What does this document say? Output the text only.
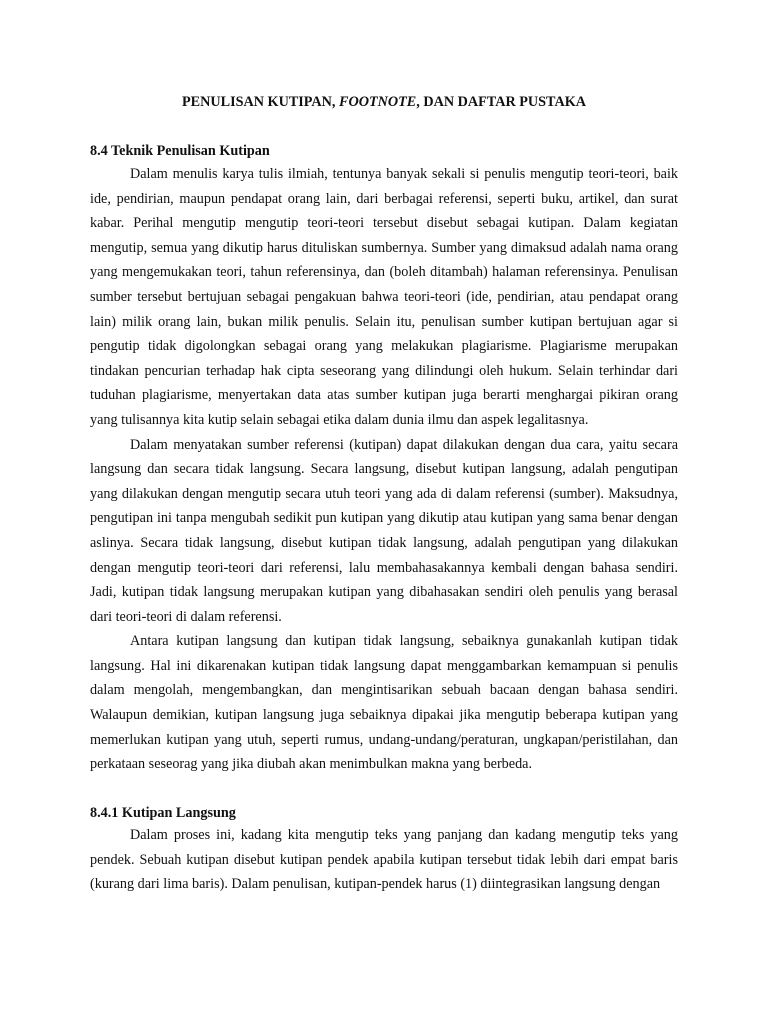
PENULISAN KUTIPAN, FOOTNOTE, DAN DAFTAR PUSTAKA
8.4 Teknik Penulisan Kutipan

Dalam menulis karya tulis ilmiah, tentunya banyak sekali si penulis mengutip teori-teori, baik ide, pendirian, maupun pendapat orang lain, dari berbagai referensi, seperti buku, artikel, dan surat kabar. Perihal mengutip mengutip teori-teori tersebut disebut sebagai kutipan. Dalam kegiatan mengutip, semua yang dikutip harus dituliskan sumbernya. Sumber yang dimaksud adalah nama orang yang mengemukakan teori, tahun referensinya, dan (boleh ditambah) halaman referensinya. Penulisan sumber tersebut bertujuan sebagai pengakuan bahwa teori-teori (ide, pendirian, atau pendapat orang lain) milik orang lain, bukan milik penulis. Selain itu, penulisan sumber kutipan bertujuan agar si pengutip tidak digolongkan sebagai orang yang melakukan plagiarisme. Plagiarisme merupakan tindakan pencurian terhadap hak cipta seseorang yang dilindungi oleh hukum. Selain terhindar dari tuduhan plagiarisme, menyertakan data atas sumber kutipan juga berarti menghargai pikiran orang yang tulisannya kita kutip selain sebagai etika dalam dunia ilmu dan aspek legalitasnya.

Dalam menyatakan sumber referensi (kutipan) dapat dilakukan dengan dua cara, yaitu secara langsung dan secara tidak langsung. Secara langsung, disebut kutipan langsung, adalah pengutipan yang dilakukan dengan mengutip secara utuh teori yang ada di dalam referensi (sumber). Maksudnya, pengutipan ini tanpa mengubah sedikit pun kutipan yang dikutip atau kutipan yang sama benar dengan aslinya. Secara tidak langsung, disebut kutipan tidak langsung, adalah pengutipan yang dilakukan dengan mengutip teori-teori dari referensi, lalu membahasakannya kembali dengan bahasa sendiri. Jadi, kutipan tidak langsung merupakan kutipan yang dibahasakan sendiri oleh penulis yang berasal dari teori-teori di dalam referensi.

Antara kutipan langsung dan kutipan tidak langsung, sebaiknya gunakanlah kutipan tidak langsung. Hal ini dikarenakan kutipan tidak langsung dapat menggambarkan kemampuan si penulis dalam mengolah, mengembangkan, dan mengintisarikan sebuah bacaan dengan bahasa sendiri. Walaupun demikian, kutipan langsung juga sebaiknya dipakai jika mengutip beberapa kutipan yang memerlukan kutipan yang utuh, seperti rumus, undang-undang/peraturan, ungkapan/peristilahan, dan perkataan seseorag yang jika diubah akan menimbulkan makna yang berbeda.

8.4.1 Kutipan Langsung

Dalam proses ini, kadang kita mengutip teks yang panjang dan kadang mengutip teks yang pendek. Sebuah kutipan disebut kutipan pendek apabila kutipan tersebut tidak lebih dari empat baris (kurang dari lima baris). Dalam penulisan, kutipan-pendek harus (1) diintegrasikan langsung dengan
